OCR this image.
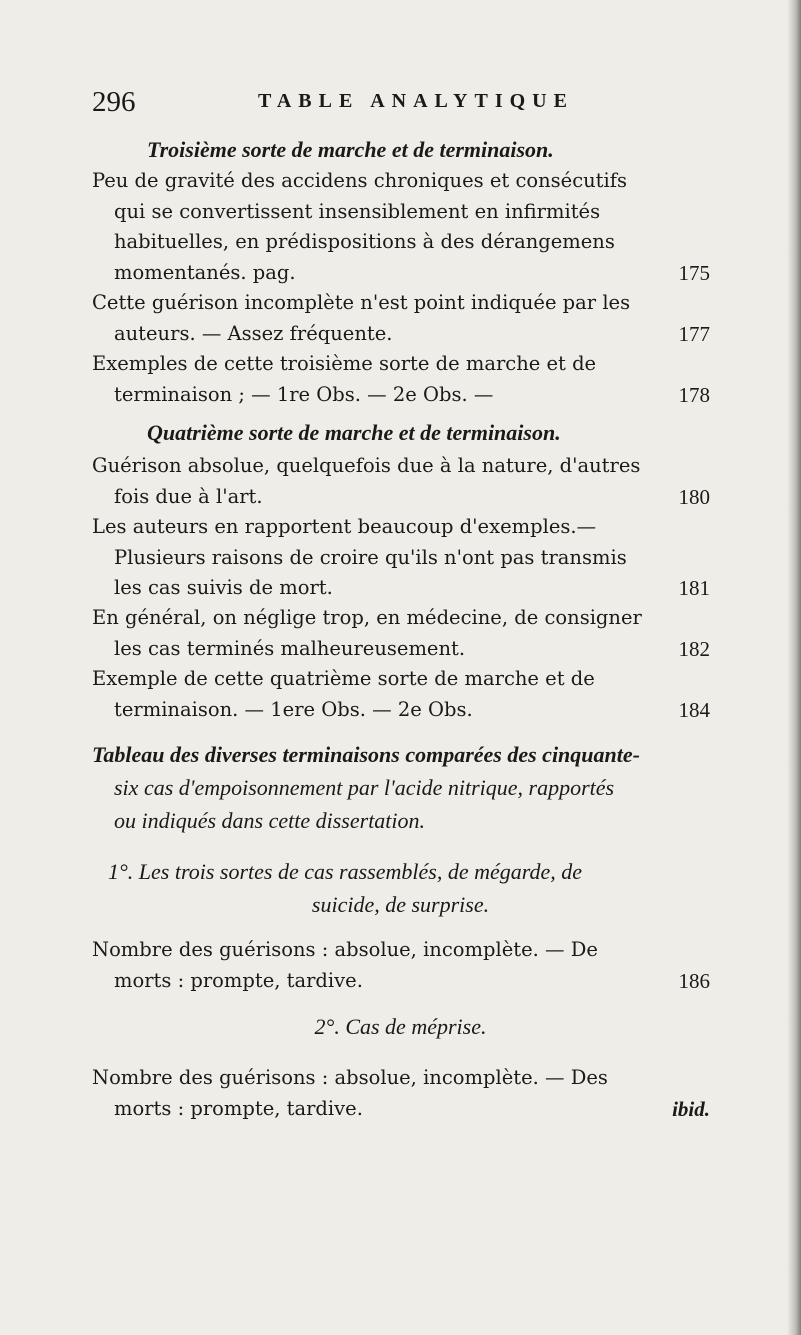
296	TABLE ANALYTIQUE
Troisième sorte de marche et de terminaison.
Peu de gravité des accidens chroniques et consécutifs qui se convertissent insensiblement en infirmités habituelles, en prédispositions à des dérangemens momentanés. pag.	175
Cette guérison incomplète n'est point indiquée par les auteurs. — Assez fréquente.	177
Exemples de cette troisième sorte de marche et de terminaison ; — 1re Obs. — 2e Obs. —	178
Quatrième sorte de marche et de terminaison.
Guérison absolue, quelquefois due à la nature, d'autres fois due à l'art.	180
Les auteurs en rapportent beaucoup d'exemples.—Plusieurs raisons de croire qu'ils n'ont pas transmis les cas suivis de mort.	181
En général, on néglige trop, en médecine, de consigner les cas terminés malheureusement.	182
Exemple de cette quatrième sorte de marche et de terminaison. — 1ere Obs. — 2e Obs.	184
Tableau des diverses terminaisons comparées des cinquante-
six cas d'empoisonnement par l'acide nitrique, rapportés
ou indiqués dans cette dissertation.
1°. Les trois sortes de cas rassemblés, de mégarde, de
suicide, de surprise.
Nombre des guérisons : absolue, incomplète. — De morts : prompte, tardive.	186
2°. Cas de méprise.
Nombre des guérisons : absolue, incomplète. — Des morts : prompte, tardive.	ibid.
